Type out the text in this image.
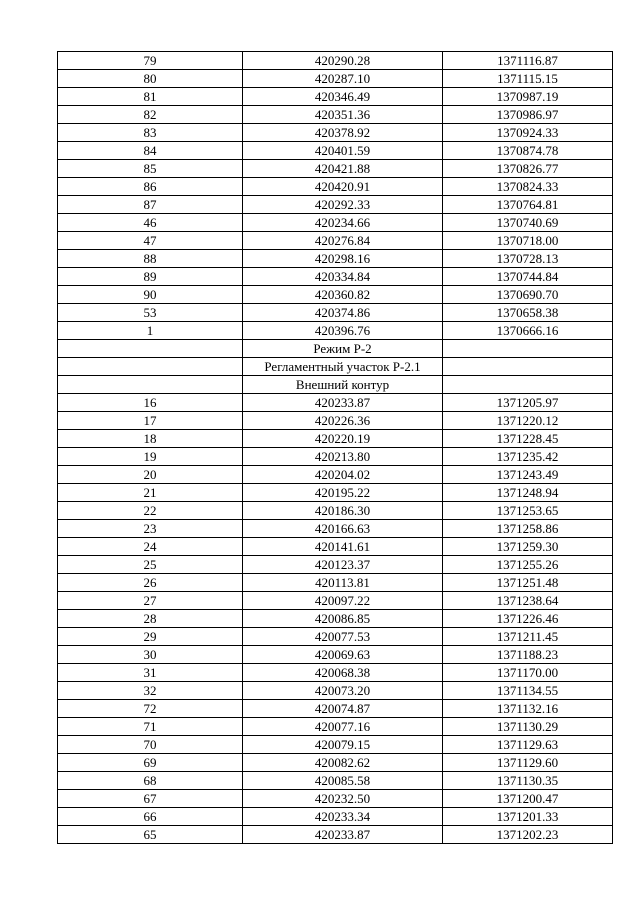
79	420290.28	1371116.87
80	420287.10	1371115.15
81	420346.49	1370987.19
82	420351.36	1370986.97
83	420378.92	1370924.33
84	420401.59	1370874.78
85	420421.88	1370826.77
86	420420.91	1370824.33
87	420292.33	1370764.81
46	420234.66	1370740.69
47	420276.84	1370718.00
88	420298.16	1370728.13
89	420334.84	1370744.84
90	420360.82	1370690.70
53	420374.86	1370658.38
1	420396.76	1370666.16
	Режим Р-2	
	Регламентный участок Р-2.1	
	Внешний контур	
16	420233.87	1371205.97
17	420226.36	1371220.12
18	420220.19	1371228.45
19	420213.80	1371235.42
20	420204.02	1371243.49
21	420195.22	1371248.94
22	420186.30	1371253.65
23	420166.63	1371258.86
24	420141.61	1371259.30
25	420123.37	1371255.26
26	420113.81	1371251.48
27	420097.22	1371238.64
28	420086.85	1371226.46
29	420077.53	1371211.45
30	420069.63	1371188.23
31	420068.38	1371170.00
32	420073.20	1371134.55
72	420074.87	1371132.16
71	420077.16	1371130.29
70	420079.15	1371129.63
69	420082.62	1371129.60
68	420085.58	1371130.35
67	420232.50	1371200.47
66	420233.34	1371201.33
65	420233.87	1371202.23
